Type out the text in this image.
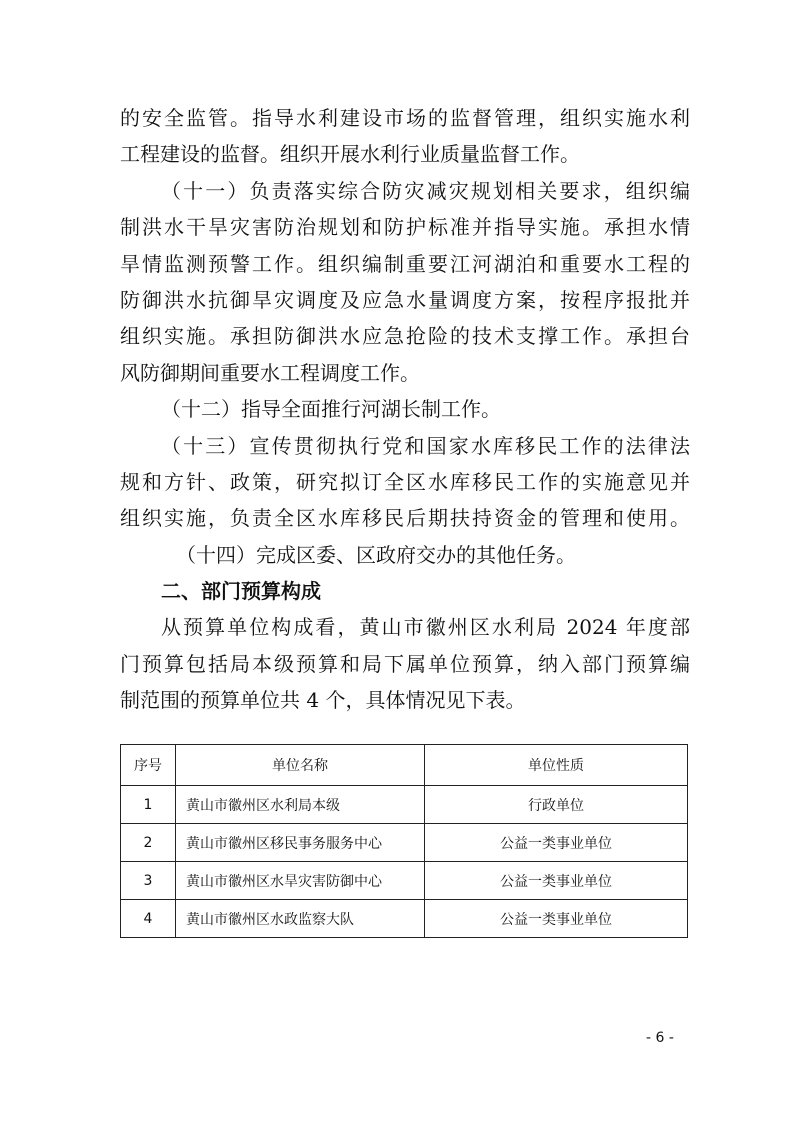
的安全监管。指导水利建设市场的监督管理，组织实施水利
工程建设的监督。组织开展水利行业质量监督工作。
（十一）负责落实综合防灾减灾规划相关要求，组织编
制洪水干旱灾害防治规划和防护标准并指导实施。承担水情
旱情监测预警工作。组织编制重要江河湖泊和重要水工程的
防御洪水抗御旱灾调度及应急水量调度方案，按程序报批并
组织实施。承担防御洪水应急抢险的技术支撑工作。承担台
风防御期间重要水工程调度工作。
（十二）指导全面推行河湖长制工作。
（十三）宣传贯彻执行党和国家水库移民工作的法律法
规和方针、政策，研究拟订全区水库移民工作的实施意见并
组织实施，负责全区水库移民后期扶持资金的管理和使用。
（十四）完成区委、区政府交办的其他任务。
二、部门预算构成
从预算单位构成看，黄山市徽州区水利局 2024 年度部
门预算包括局本级预算和局下属单位预算，纳入部门预算编
制范围的预算单位共 4 个，具体情况见下表。
序号	单位名称	单位性质
1	黄山市徽州区水利局本级	行政单位
2	黄山市徽州区移民事务服务中心	公益一类事业单位
3	黄山市徽州区水旱灾害防御中心	公益一类事业单位
4	黄山市徽州区水政监察大队	公益一类事业单位
- 6 -
